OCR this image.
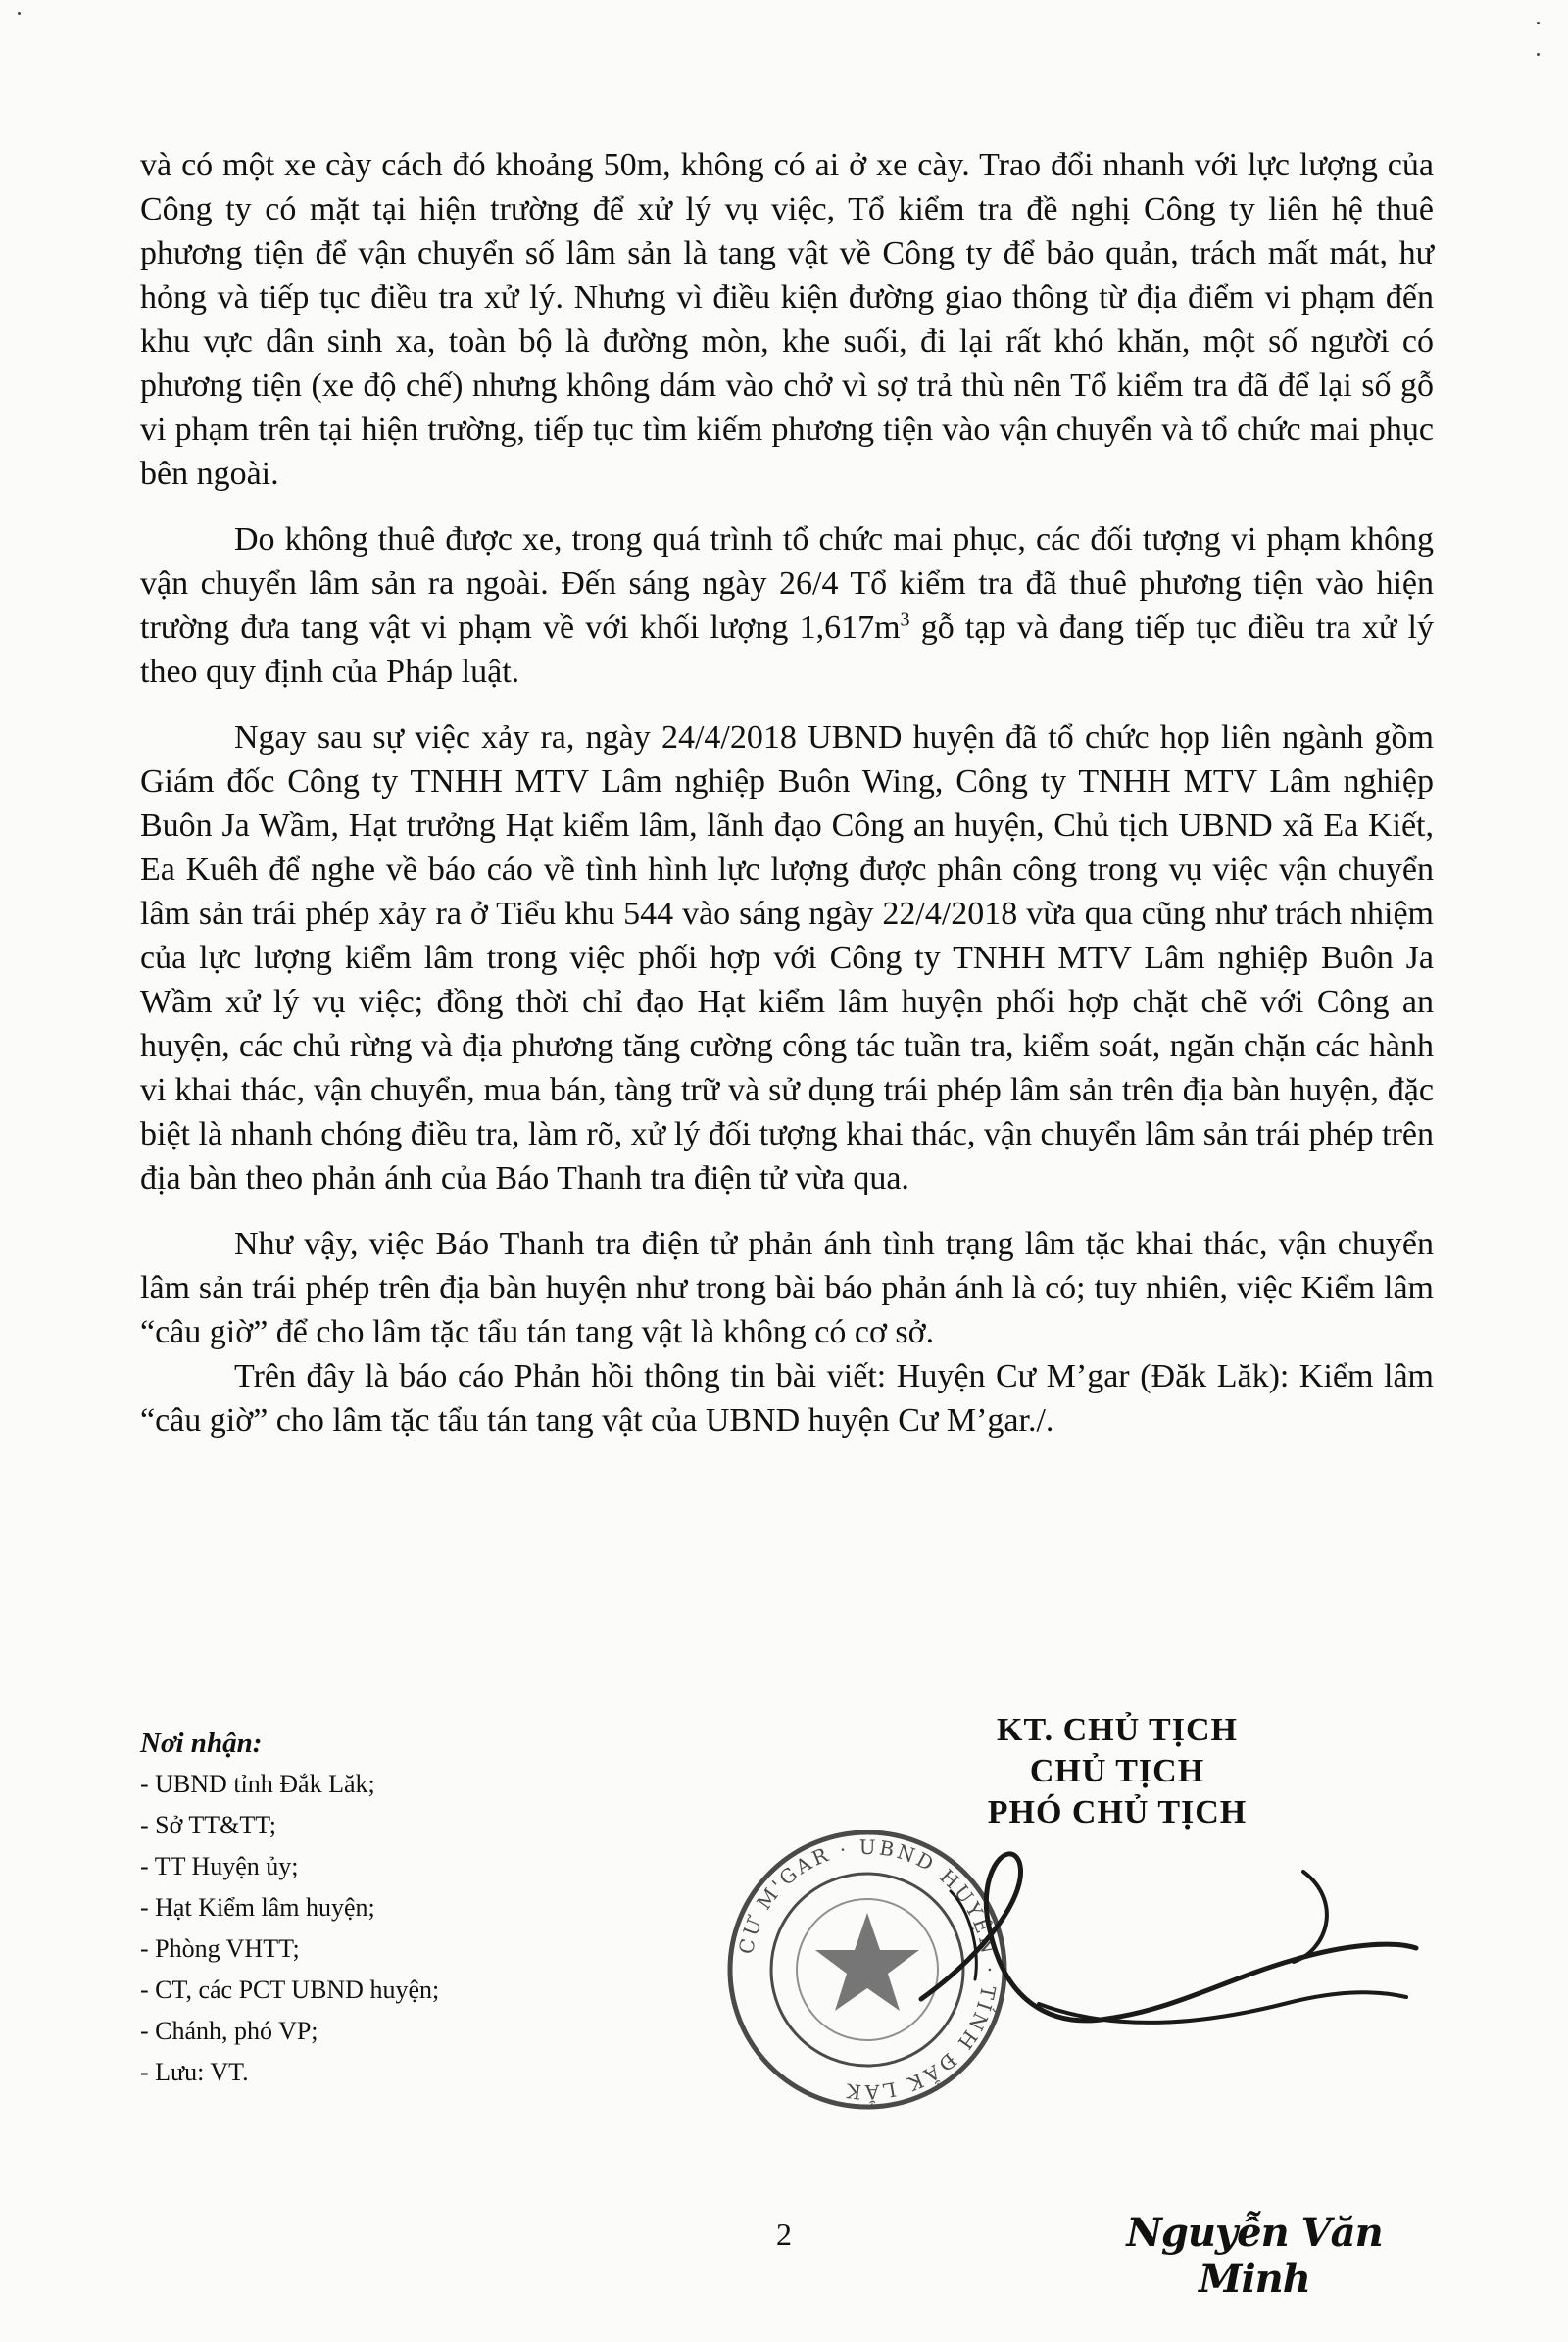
và có một xe cày cách đó khoảng 50m, không có ai ở xe cày. Trao đổi nhanh với lực lượng của Công ty có mặt tại hiện trường để xử lý vụ việc, Tổ kiểm tra đề nghị Công ty liên hệ thuê phương tiện để vận chuyển số lâm sản là tang vật về Công ty để bảo quản, trách mất mát, hư hỏng và tiếp tục điều tra xử lý. Nhưng vì điều kiện đường giao thông từ địa điểm vi phạm đến khu vực dân sinh xa, toàn bộ là đường mòn, khe suối, đi lại rất khó khăn, một số người có phương tiện (xe độ chế) nhưng không dám vào chở vì sợ trả thù nên Tổ kiểm tra đã để lại số gỗ vi phạm trên tại hiện trường, tiếp tục tìm kiếm phương tiện vào vận chuyển và tổ chức mai phục bên ngoài.

Do không thuê được xe, trong quá trình tổ chức mai phục, các đối tượng vi phạm không vận chuyển lâm sản ra ngoài. Đến sáng ngày 26/4 Tổ kiểm tra đã thuê phương tiện vào hiện trường đưa tang vật vi phạm về với khối lượng $1,617m^3$ gỗ tạp và đang tiếp tục điều tra xử lý theo quy định của Pháp luật.

Ngay sau sự việc xảy ra, ngày 24/4/2018 UBND huyện đã tổ chức họp liên ngành gồm Giám đốc Công ty TNHH MTV Lâm nghiệp Buôn Wing, Công ty TNHH MTV Lâm nghiệp Buôn Ja Wầm, Hạt trưởng Hạt kiểm lâm, lãnh đạo Công an huyện, Chủ tịch UBND xã Ea Kiết, Ea Kuêh để nghe về báo cáo về tình hình lực lượng được phân công trong vụ việc vận chuyển lâm sản trái phép xảy ra ở Tiểu khu 544 vào sáng ngày 22/4/2018 vừa qua cũng như trách nhiệm của lực lượng kiểm lâm trong việc phối hợp với Công ty TNHH MTV Lâm nghiệp Buôn Ja Wầm xử lý vụ việc; đồng thời chỉ đạo Hạt kiểm lâm huyện phối hợp chặt chẽ với Công an huyện, các chủ rừng và địa phương tăng cường công tác tuần tra, kiểm soát, ngăn chặn các hành vi khai thác, vận chuyển, mua bán, tàng trữ và sử dụng trái phép lâm sản trên địa bàn huyện, đặc biệt là nhanh chóng điều tra, làm rõ, xử lý đối tượng khai thác, vận chuyển lâm sản trái phép trên địa bàn theo phản ánh của Báo Thanh tra điện tử vừa qua.

Như vậy, việc Báo Thanh tra điện tử phản ánh tình trạng lâm tặc khai thác, vận chuyển lâm sản trái phép trên địa bàn huyện như trong bài báo phản ánh là có; tuy nhiên, việc Kiểm lâm “câu giờ” để cho lâm tặc tẩu tán tang vật là không có cơ sở.

Trên đây là báo cáo Phản hồi thông tin bài viết: Huyện Cư M’gar (Đăk Lăk): Kiểm lâm “câu giờ” cho lâm tặc tẩu tán tang vật của UBND huyện Cư M’gar./.

Nơi nhận:
- UBND tỉnh Đắk Lăk;
- Sở TT&TT;
- TT Huyện ủy;
- Hạt Kiểm lâm huyện;
- Phòng VHTT;
- CT, các PCT UBND huyện;
- Chánh, phó VP;
- Lưu: VT.
KT. CHỦ TỊCH
CHỦ TỊCH
PHÓ CHỦ TỊCH
CƯ M'GAR · UBND HUYỆN · TỈNH ĐẮK LẮK
2	Nguyễn Văn Minh
